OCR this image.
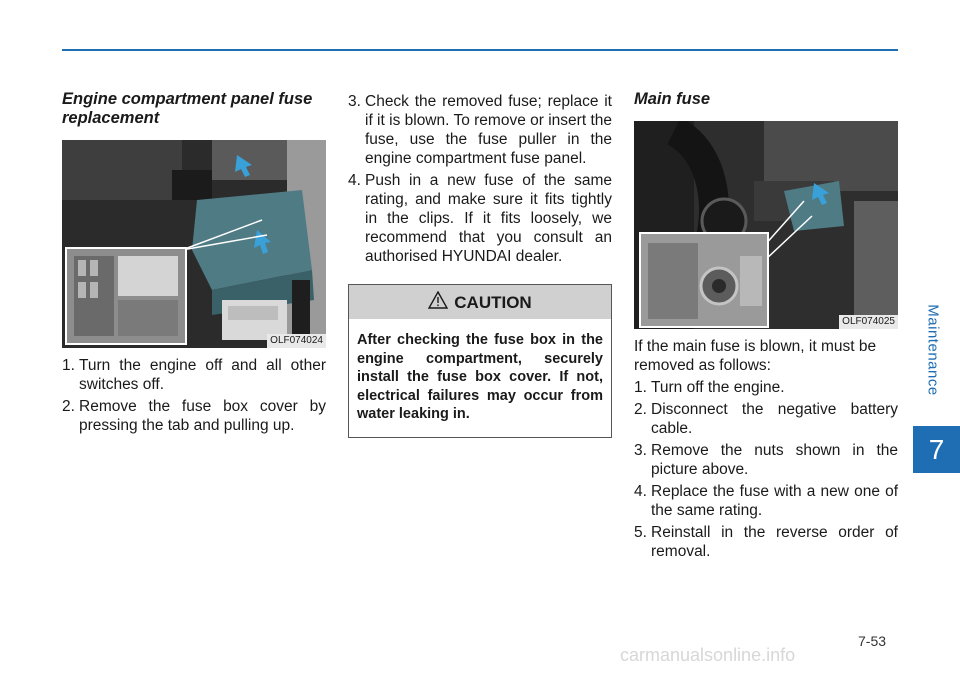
Maintenance
7
Engine compartment panel fuse replacement
OLF074024
1. Turn the engine off and all other switches off.
2. Remove the fuse box cover by pressing the tab and pulling up.
3. Check the removed fuse; replace it if it is blown. To remove or insert the fuse, use the fuse puller in the engine compartment fuse panel.
4. Push in a new fuse of the same rating, and make sure it fits tightly in the clips. If it fits loosely, we recommend that you consult an authorised HYUNDAI dealer.
CAUTION
After checking the fuse box in the engine compartment, securely install the fuse box cover. If not, electrical failures may occur from water leaking in.
Main fuse
OLF074025

If the main fuse is blown, it must be removed as follows:

1. Turn off the engine.
2. Disconnect the negative battery cable.
3. Remove the nuts shown in the picture above.
4. Replace the fuse with a new one of the same rating.
5. Reinstall in the reverse order of removal.
7-53
carmanualsonline.info
